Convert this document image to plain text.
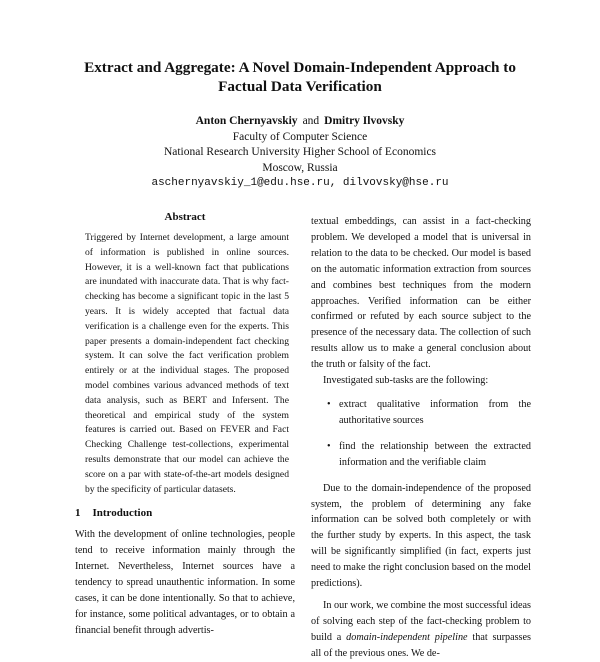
Extract and Aggregate: A Novel Domain-Independent Approach to
Factual Data Verification
Anton Chernyavskiy and Dmitry Ilvovsky
Faculty of Computer Science
National Research University Higher School of Economics
Moscow, Russia
aschernyavskiy_1@edu.hse.ru, dilvovsky@hse.ru
Abstract

Triggered by Internet development, a large amount of information is published in online sources. However, it is a well-known fact that publications are inundated with inaccurate data. That is why fact-checking has become a significant topic in the last 5 years. It is widely accepted that factual data verification is a challenge even for the experts. This paper presents a domain-independent fact checking system. It can solve the fact verification problem entirely or at the individual stages. The proposed model combines various advanced methods of text data analysis, such as BERT and Infersent. The theoretical and empirical study of the system features is carried out. Based on FEVER and Fact Checking Challenge test-collections, experimental results demonstrate that our model can achieve the score on a par with state-of-the-art models designed by the specificity of particular datasets.

1 Introduction

With the development of online technologies, people tend to receive information mainly through the Internet. Nevertheless, Internet sources have a tendency to spread unauthentic information. In some cases, it can be done intentionally. So that to achieve, for instance, some political advantages, or to obtain a financial benefit through advertis-

textual embeddings, can assist in a fact-checking problem. We developed a model that is universal in relation to the data to be checked. Our model is based on the automatic information extraction from sources and combines best techniques from the modern approaches. Verified information can be either confirmed or refuted by each source subject to the presence of the necessary data. The collection of such results allow us to make a general conclusion about the truth or falsity of the fact.

Investigated sub-tasks are the following:

• extract qualitative information from the authoritative sources
• find the relationship between the extracted information and the verifiable claim

Due to the domain-independence of the proposed system, the problem of determining any fake information can be solved both completely or with the further study by experts. In this aspect, the task will be significantly simplified (in fact, experts just need to make the right conclusion based on the model predictions).

In our work, we combine the most successful ideas of solving each step of the fact-checking problem to build a domain-independent pipeline that surpasses all of the previous ones. We de-
